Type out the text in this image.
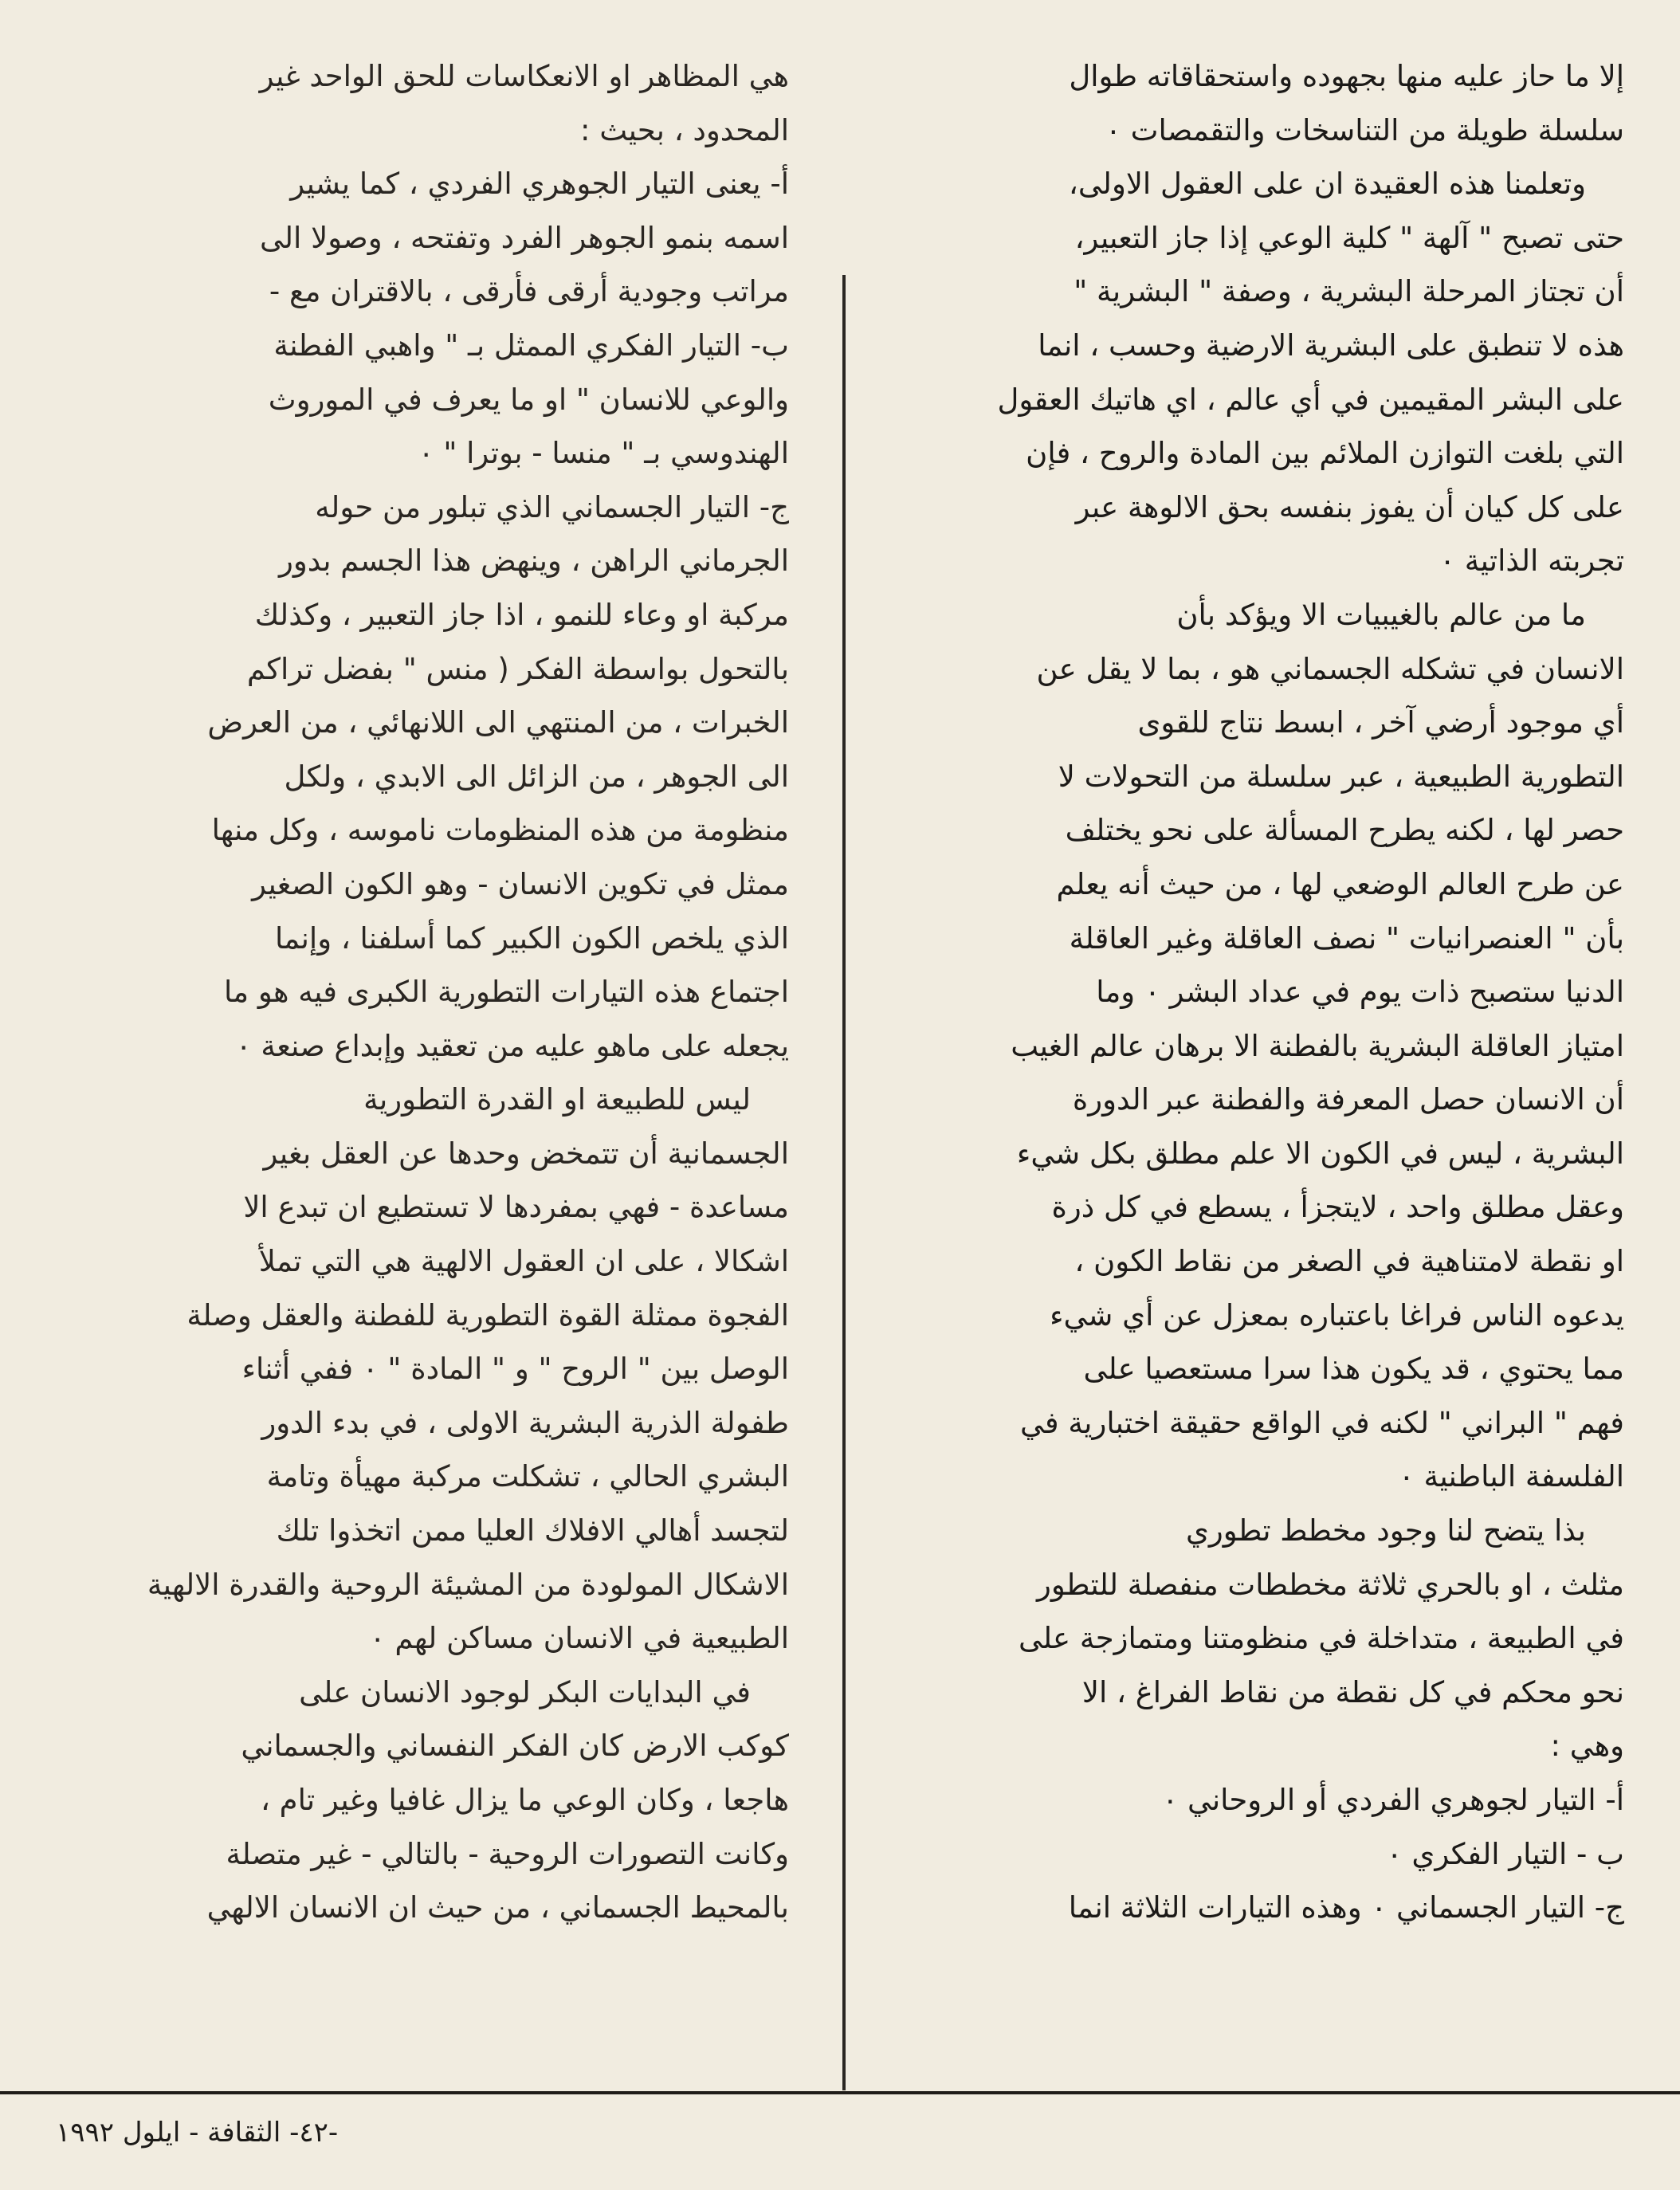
إلا ما حاز عليه منها بجهوده واستحقاقاته طوال
سلسلة طويلة من التناسخات والتقمصات ٠
وتعلمنا هذه العقيدة ان على العقول الاولى،
حتى تصبح " آلهة " كلية الوعي إذا جاز التعبير،
أن تجتاز المرحلة البشرية ، وصفة " البشرية "
هذه لا تنطبق على البشرية الارضية وحسب ، انما
على البشر المقيمين في أي عالم ، اي هاتيك العقول
التي بلغت التوازن الملائم بين المادة والروح ، فإن
على كل كيان أن يفوز بنفسه بحق الالوهة عبر
تجربته الذاتية ٠
ما من عالم بالغيبيات الا ويؤكد بأن
الانسان في تشكله الجسماني هو ، بما لا يقل عن
أي موجود أرضي آخر ، ابسط نتاج للقوى
التطورية الطبيعية ، عبر سلسلة من التحولات لا
حصر لها ، لكنه يطرح المسألة على نحو يختلف
عن طرح العالم الوضعي لها ، من حيث أنه يعلم
بأن " العنصرانيات " نصف العاقلة وغير العاقلة
الدنيا ستصبح ذات يوم في عداد البشر ٠ وما
امتياز العاقلة البشرية بالفطنة الا برهان عالم الغيب
أن الانسان حصل المعرفة والفطنة عبر الدورة
البشرية ، ليس في الكون الا علم مطلق بكل شيء
وعقل مطلق واحد ، لايتجزأ ، يسطع في كل ذرة
او نقطة لامتناهية في الصغر من نقاط الكون ،
يدعوه الناس فراغا باعتباره بمعزل عن أي شيء
مما يحتوي ، قد يكون هذا سرا مستعصيا على
فهم " البراني " لكنه في الواقع حقيقة اختبارية في
الفلسفة الباطنية ٠
بذا يتضح لنا وجود مخطط تطوري
مثلث ، او بالحري ثلاثة مخططات منفصلة للتطور
في الطبيعة ، متداخلة في منظومتنا ومتمازجة على
نحو محكم في كل نقطة من نقاط الفراغ ، الا
وهي :
أ- التيار لجوهري الفردي أو الروحاني ٠
ب - التيار الفكري ٠
ج- التيار الجسماني ٠ وهذه التيارات الثلاثة انما
هي المظاهر او الانعكاسات للحق الواحد غير
المحدود ، بحيث :
أ- يعنى التيار الجوهري الفردي ، كما يشير
اسمه بنمو الجوهر الفرد وتفتحه ، وصولا الى
مراتب وجودية أرقى فأرقى ، بالاقتران مع -
ب- التيار الفكري الممثل بـ " واهبي الفطنة
والوعي للانسان " او ما يعرف في الموروث
الهندوسي بـ " منسا - بوترا " ٠
ج- التيار الجسماني الذي تبلور من حوله
الجرماني الراهن ، وينهض هذا الجسم بدور
مركبة او وعاء للنمو ، اذا جاز التعبير ، وكذلك
بالتحول بواسطة الفكر ( منس " بفضل تراكم
الخبرات ، من المنتهي الى اللانهائي ، من العرض
الى الجوهر ، من الزائل الى الابدي ، ولكل
منظومة من هذه المنظومات ناموسه ، وكل منها
ممثل في تكوين الانسان - وهو الكون الصغير
الذي يلخص الكون الكبير كما أسلفنا ، وإنما
اجتماع هذه التيارات التطورية الكبرى فيه هو ما
يجعله على ماهو عليه من تعقيد وإبداع صنعة ٠
ليس للطبيعة او القدرة التطورية
الجسمانية أن تتمخض وحدها عن العقل بغير
مساعدة - فهي بمفردها لا تستطيع ان تبدع الا
اشكالا ، على ان العقول الالهية هي التي تملأ
الفجوة ممثلة القوة التطورية للفطنة والعقل وصلة
الوصل بين " الروح " و " المادة " ٠ ففي أثناء
طفولة الذرية البشرية الاولى ، في بدء الدور
البشري الحالي ، تشكلت مركبة مهيأة وتامة
لتجسد أهالي الافلاك العليا ممن اتخذوا تلك
الاشكال المولودة من المشيئة الروحية والقدرة الالهية
الطبيعية في الانسان مساكن لهم ٠
في البدايات البكر لوجود الانسان على
كوكب الارض كان الفكر النفساني والجسماني
هاجعا ، وكان الوعي ما يزال غافيا وغير تام ،
وكانت التصورات الروحية - بالتالي - غير متصلة
بالمحيط الجسماني ، من حيث ان الانسان الالهي
-٤٢- الثقافة - ايلول ١٩٩٢
